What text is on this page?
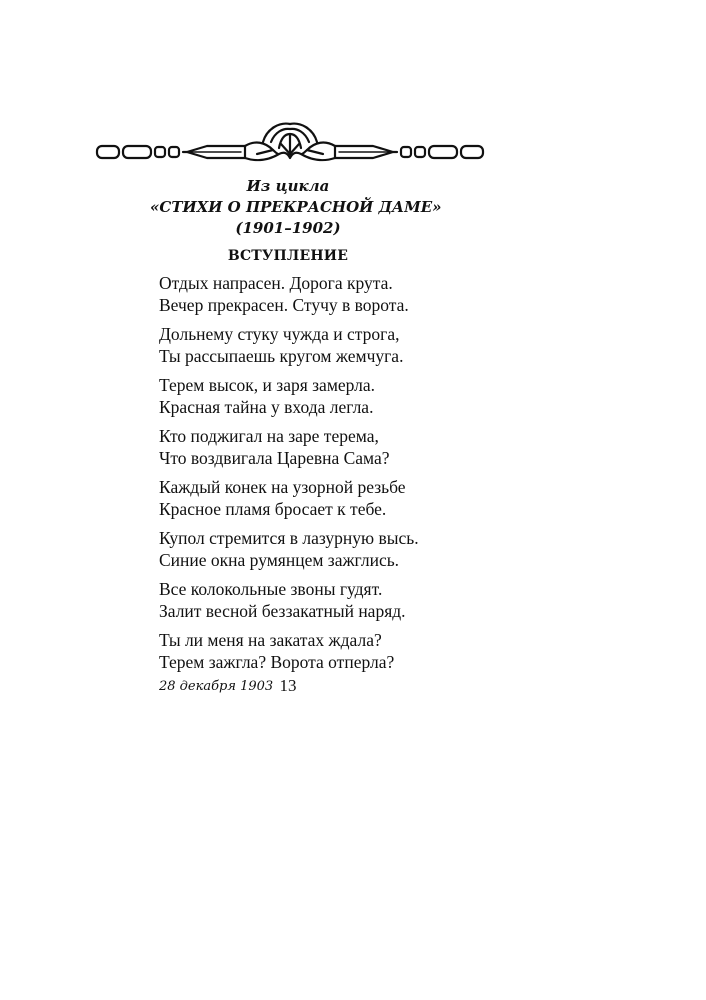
Из цикла
«СТИХИ О ПРЕКРАСНОЙ ДАМЕ»
(1901–1902)
ВСТУПЛЕНИЕ
Отдых напрасен. Дорога крута.
Вечер прекрасен. Стучу в ворота.
Дольнему стуку чужда и строга,
Ты рассыпаешь кругом жемчуга.
Терем высок, и заря замерла.
Красная тайна у входа легла.
Кто поджигал на заре терема,
Что воздвигала Царевна Сама?
Каждый конек на узорной резьбе
Красное пламя бросает к тебе.
Купол стремится в лазурную высь.
Синие окна румянцем зажглись.
Все колокольные звоны гудят.
Залит весной беззакатный наряд.
Ты ли меня на закатах ждала?
Терем зажгла? Ворота отперла?
28 декабря 1903 13
